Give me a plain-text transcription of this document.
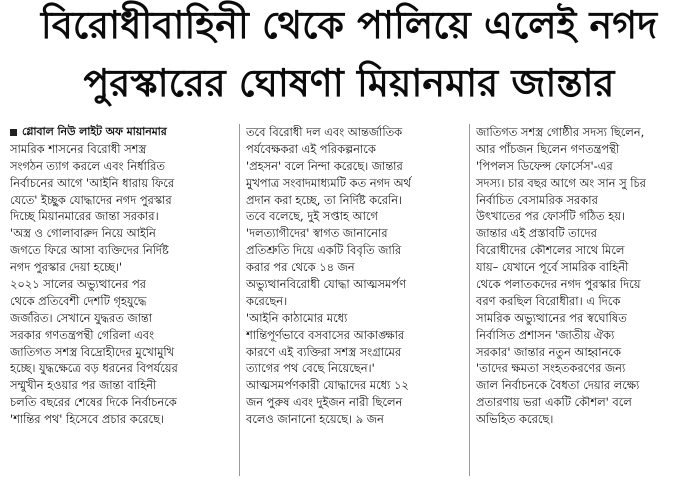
বিরোধীবাহিনী থেকে পালিয়ে এলেই নগদ
পুরস্কারের ঘোষণা মিয়ানমার জান্তার
গ্লোবাল নিউ লাইট অফ মায়ানমার
সামরিক শাসনের বিরোধী সশস্ত্র
সংগঠন ত্যাগ করলে এবং নির্ধারিত
নির্বাচনের আগে 'আইনি ধারায় ফিরে
যেতে' ইচ্ছুক যোদ্ধাদের নগদ পুরস্কার
দিচ্ছে মিয়ানমারের জান্তা সরকার।
'অস্ত্র ও গোলাবারুদ নিয়ে আইনি
জগতে ফিরে আসা ব্যক্তিদের নির্দিষ্ট
নগদ পুরস্কার দেয়া হচ্ছে।'
২০২১ সালের অভ্যুত্থানের পর
থেকে প্রতিবেশী দেশটি গৃহযুদ্ধে
জর্জরিত। সেখানে যুদ্ধরত জান্তা
সরকার গণতন্ত্রপন্থী গেরিলা এবং
জাতিগত সশস্ত্র বিদ্রোহীদের মুখোমুখি
হচ্ছে। যুদ্ধক্ষেত্রে বড় ধরনের বিপর্যয়ের
সম্মুখীন হওয়ার পর জান্তা বাহিনী
চলতি বছরের শেষের দিকে নির্বাচনকে
'শান্তির পথ' হিসেবে প্রচার করেছে।
তবে বিরোধী দল এবং আন্তর্জাতিক
পর্যবেক্ষকরা এই পরিকল্পনাকে
'প্রহসন' বলে নিন্দা করেছে। জান্তার
মুখপাত্র সংবাদমাধ্যমটি কত নগদ অর্থ
প্রদান করা হচ্ছে, তা নির্দিষ্ট করেনি।
তবে বলেছে, দুই সপ্তাহ আগে
'দলত্যাগীদের' স্বাগত জানানোর
প্রতিশ্রুতি দিয়ে একটি বিবৃতি জারি
করার পর থেকে ১৪ জন
অভ্যুত্থানবিরোধী যোদ্ধা আত্মসমর্পণ
করেছেন।
'আইনি কাঠামোর মধ্যে
শান্তিপূর্ণভাবে বসবাসের আকাঙ্ক্ষার
কারণে এই ব্যক্তিরা সশস্ত্র সংগ্রামের
ত্যাগের পথ বেছে নিয়েছেন।'
আত্মসমর্পণকারী যোদ্ধাদের মধ্যে ১২
জন পুরুষ এবং দুইজন নারী ছিলেন
বলেও জানানো হয়েছে। ৯ জন
জাতিগত সশস্ত্র গোষ্ঠীর সদস্য ছিলেন,
আর পাঁচজন ছিলেন গণতন্ত্রপন্থী
'পিপলস ডিফেন্স ফোর্সেস'-এর
সদস্য। চার বছর আগে অং সান সু চির
নির্বাচিত বেসামরিক সরকার
উৎখাতের পর ফোর্সটি গঠিত হয়।
জান্তার এই প্রস্তাবটি তাদের
বিরোধীদের কৌশলের সাথে মিলে
যায়– যেখানে পূর্বে সামরিক বাহিনী
থেকে পলাতকদের নগদ পুরস্কার দিয়ে
বরণ করছিল বিরোধীরা। এ দিকে
সামরিক অভ্যুত্থানের পর স্বঘোষিত
নির্বাসিত প্রশাসন 'জাতীয় ঐক্য
সরকার' জান্তার নতুন আহ্বানকে
'তাদের ক্ষমতা সংহতকরণের জন্য
জাল নির্বাচনকে বৈধতা দেয়ার লক্ষ্যে
প্রতারণায় ভরা একটি কৌশল' বলে
অভিহিত করেছে।
